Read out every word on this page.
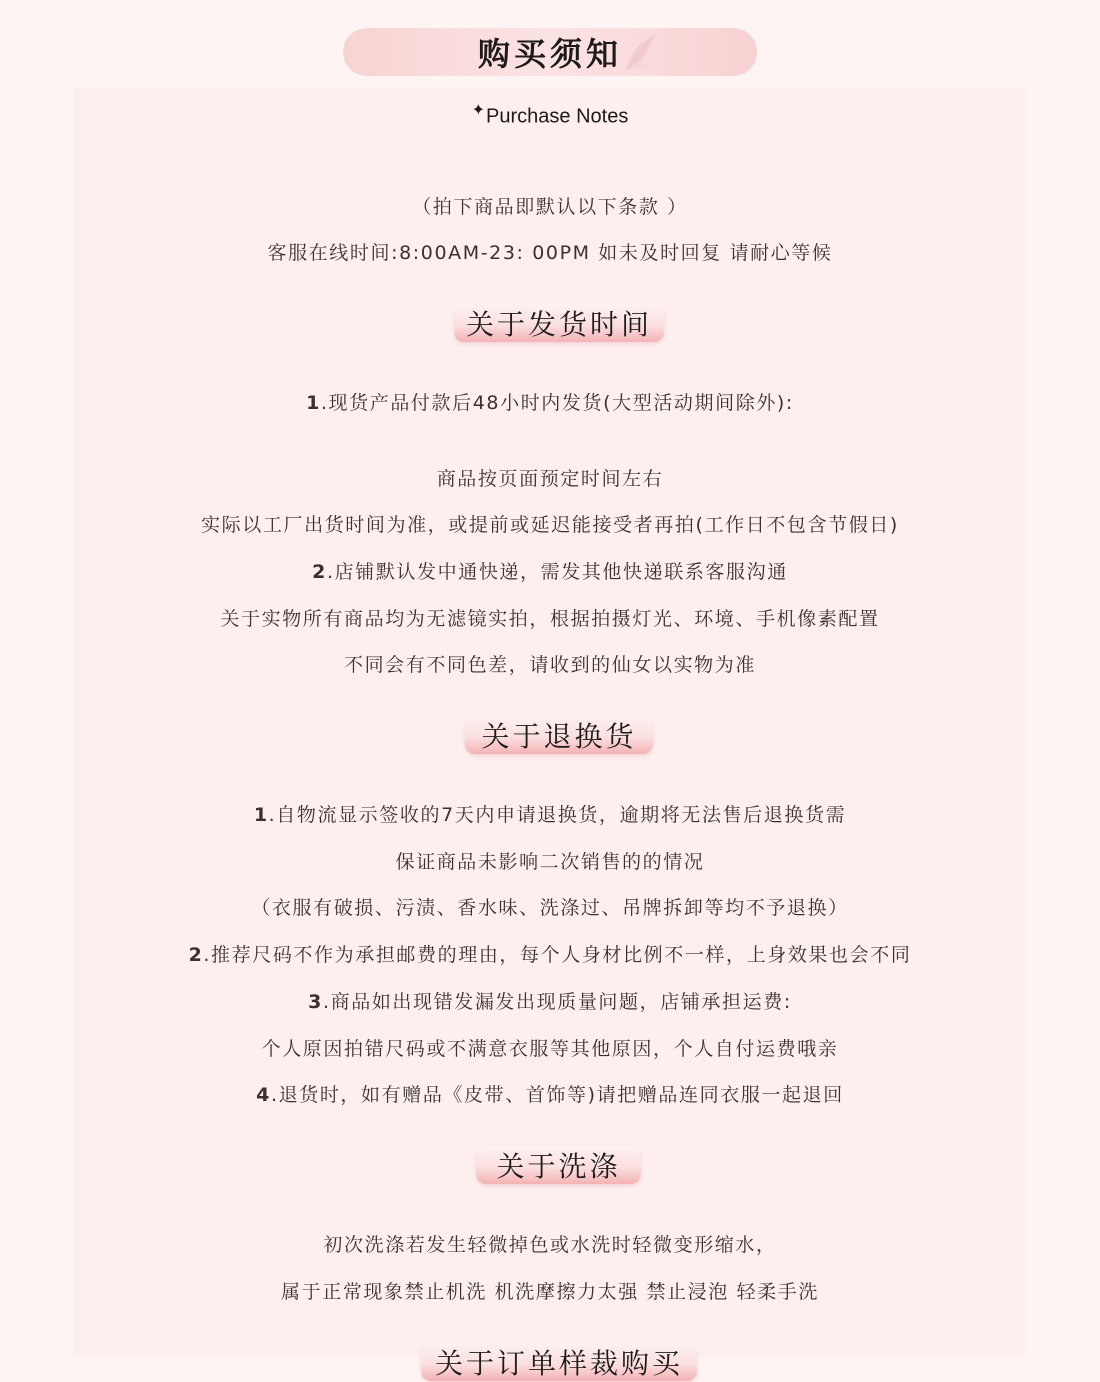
购买须知
✦Purchase Notes
（拍下商品即默认以下条款 ）
客服在线时间:8:00AM-23: 00PM 如未及时回复 请耐心等候
关于发货时间
1.现货产品付款后48小时内发货(大型活动期间除外):
商品按页面预定时间左右
实际以工厂出货时间为准，或提前或延迟能接受者再拍(工作日不包含节假日)
2.店铺默认发中通快递，需发其他快递联系客服沟通
关于实物所有商品均为无滤镜实拍，根据拍摄灯光、环境、手机像素配置
不同会有不同色差，请收到的仙女以实物为准
关于退换货
1.自物流显示签收的7天内申请退换货，逾期将无法售后退换货需
保证商品未影响二次销售的的情况
（衣服有破损、污渍、香水味、洗涤过、吊牌拆卸等均不予退换）
2.推荐尺码不作为承担邮费的理由，每个人身材比例不一样，上身效果也会不同
3.商品如出现错发漏发出现质量问题，店铺承担运费:
个人原因拍错尺码或不满意衣服等其他原因，个人自付运费哦亲
4.退货时，如有赠品《皮带、首饰等)请把赠品连同衣服一起退回
关于洗涤
初次洗涤若发生轻微掉色或水洗时轻微变形缩水，
属于正常现象禁止机洗 机洗摩擦力太强 禁止浸泡 轻柔手洗
关于订单样裁购买
